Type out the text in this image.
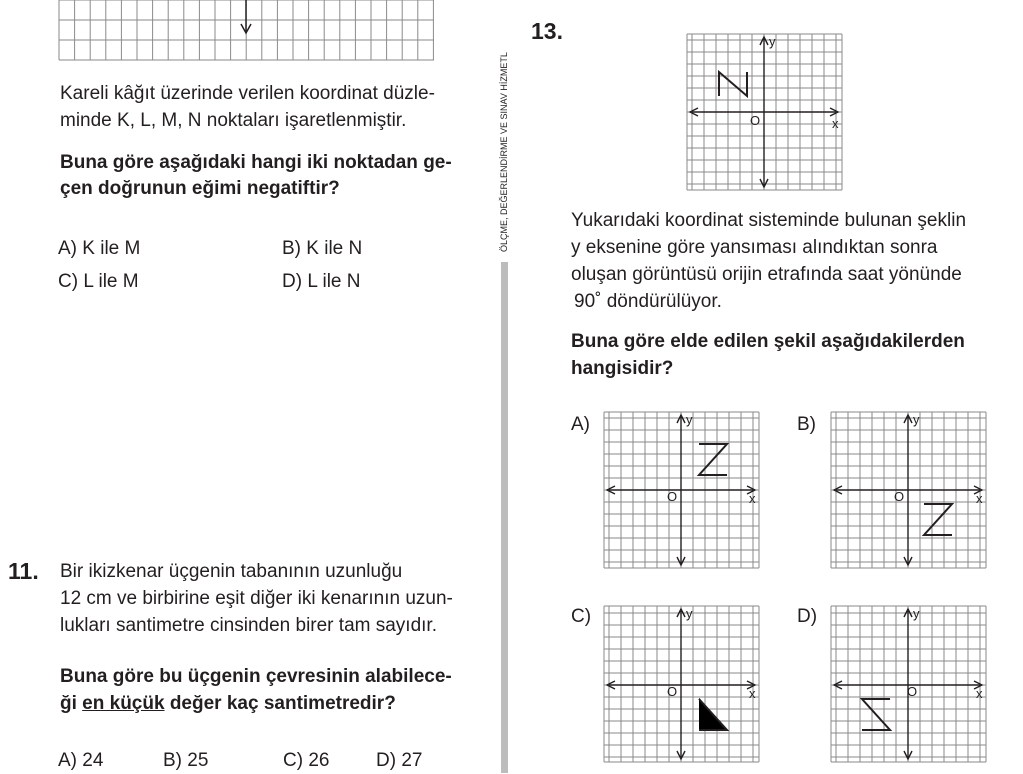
ÖLÇME, DEĞERLENDİRME VE SINAV HİZMETL
Kareli kâğıt üzerinde verilen koordinat düzle-
minde K, L, M, N noktaları işaretlenmiştir.
Buna göre aşağıdaki hangi iki noktadan ge-
çen doğrunun eğimi negatiftir?
A) K ile M	B) K ile N
C) L ile M	D) L ile N
11. Bir ikizkenar üçgenin tabanının uzunluğu
12 cm ve birbirine eşit diğer iki kenarının uzun-
lukları santimetre cinsinden birer tam sayıdır.
Buna göre bu üçgenin çevresinin alabilece-
ği en küçük değer kaç santimetredir?
A) 24	B) 25	C) 26 D) 27
13.	y
x
O
Yukarıdaki koordinat sisteminde bulunan şeklin
y eksenine göre yansıması alındıktan sonra
oluşan görüntüsü orijin etrafında saat yönünde
90˚ döndürülüyor.
Buna göre elde edilen şekil aşağıdakilerden
hangisidir?
A)	B)
C)	D)
y
x
O
y
x
O
y
x
O
y
x
O
